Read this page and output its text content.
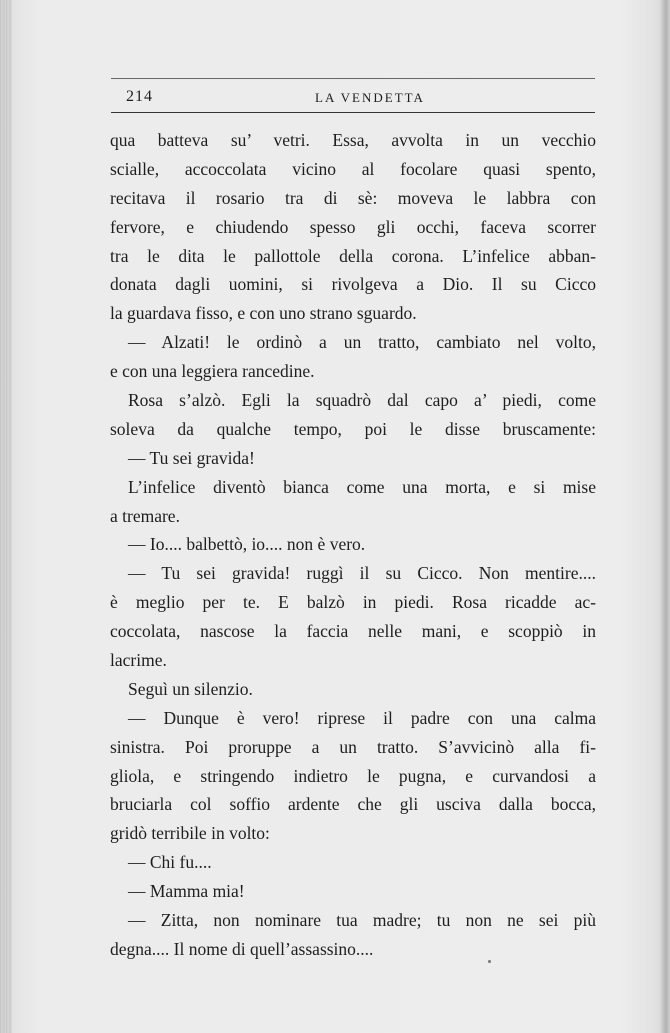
214	LA VENDETTA
qua batteva su’ vetri. Essa, avvolta in un vecchio
scialle, accoccolata vicino al focolare quasi spento,
recitava il rosario tra di sè: moveva le labbra con
fervore, e chiudendo spesso gli occhi, faceva scorrer
tra le dita le pallottole della corona. L’infelice abban-
donata dagli uomini, si rivolgeva a Dio. Il su Cicco
la guardava fisso, e con uno strano sguardo.
— Alzati! le ordinò a un tratto, cambiato nel volto,
e con una leggiera rancedine.
Rosa s’alzò. Egli la squadrò dal capo a’ piedi, come
soleva da qualche tempo, poi le disse bruscamente:
— Tu sei gravida!
L’infelice diventò bianca come una morta, e si mise
a tremare.
— Io.... balbettò, io.... non è vero.
— Tu sei gravida! ruggì il su Cicco. Non mentire....
è meglio per te. E balzò in piedi. Rosa ricadde ac-
coccolata, nascose la faccia nelle mani, e scoppiò in
lacrime.
Seguì un silenzio.
— Dunque è vero! riprese il padre con una calma
sinistra. Poi proruppe a un tratto. S’avvicinò alla fi-
gliola, e stringendo indietro le pugna, e curvandosi a
bruciarla col soffio ardente che gli usciva dalla bocca,
gridò terribile in volto:
— Chi fu....
— Mamma mia!
— Zitta, non nominare tua madre; tu non ne sei più
degna.... Il nome di quell’assassino....
